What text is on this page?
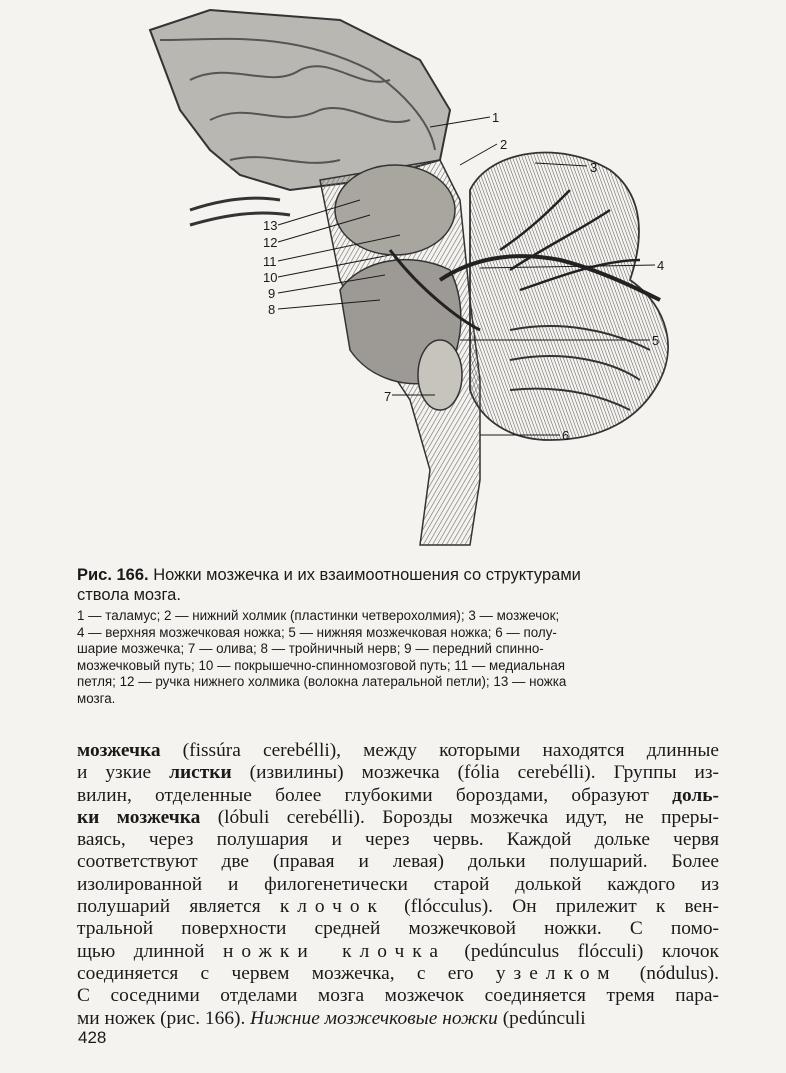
1
2
3
4
5
6
7
8
9
10
11
12
13
Рис. 166. Ножки мозжечка и их взаимоотношения со структурами
ствола мозга.
1 — таламус; 2 — нижний холмик (пластинки четверохолмия); 3 — мозжечок;
4 — верхняя мозжечковая ножка; 5 — нижняя мозжечковая ножка; 6 — полу-
шарие мозжечка; 7 — олива; 8 — тройничный нерв; 9 — передний спинно-
мозжечковый путь; 10 — покрышечно-спинномозговой путь; 11 — медиальная
петля; 12 — ручка нижнего холмика (волокна латеральной петли); 13 — ножка
мозга.
мозжечка (fissúra cerebélli), между которыми находятся длинные
и узкие листки (извилины) мозжечка (fólia cerebélli). Группы из-
вилин, отделенные более глубокими бороздами, образуют доль-
ки мозжечка (lóbuli cerebélli). Борозды мозжечка идут, не преры-
ваясь, через полушария и через червь. Каждой дольке червя
соответствуют две (правая и левая) дольки полушарий. Более
изолированной и филогенетически старой долькой каждого из
полушарий является клочок (flócculus). Он прилежит к вен-
тральной поверхности средней мозжечковой ножки. С помо-
щью длинной ножки клочка (pedúnculus flócculi) клочок
соединяется с червем мозжечка, с его узелком (nódulus).
С соседними отделами мозга мозжечок соединяется тремя пара-
ми ножек (рис. 166). Нижние мозжечковые ножки (pedúnculi
428
